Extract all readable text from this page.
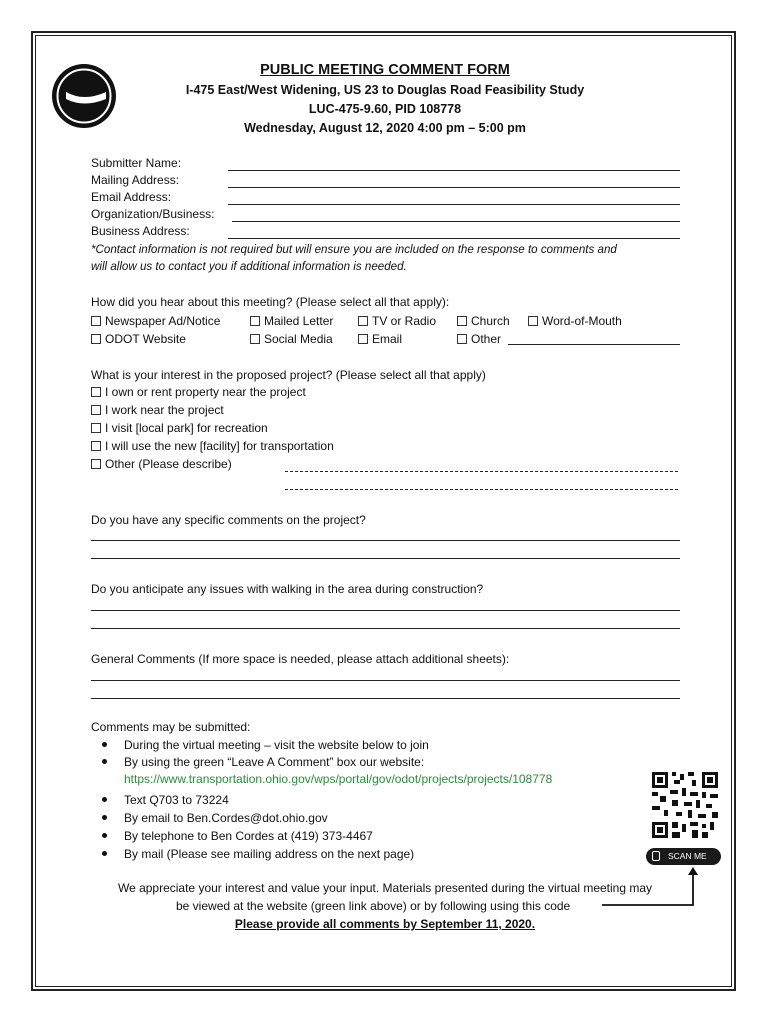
PUBLIC MEETING COMMENT FORM
I-475 East/West Widening, US 23 to Douglas Road Feasibility Study
LUC-475-9.60, PID 108778
Wednesday, August 12, 2020 4:00 pm – 5:00 pm
Submitter Name:
Mailing Address:
Email Address:
Organization/Business:
Business Address:
*Contact information is not required but will ensure you are included on the response to comments and
will allow us to contact you if additional information is needed.
How did you hear about this meeting? (Please select all that apply):
Newspaper Ad/Notice	Mailed Letter	TV or Radio	Church	Word-of-Mouth
ODOT Website	Social Media	Email	Other
What is your interest in the proposed project? (Please select all that apply)
I own or rent property near the project
I work near the project
I visit [local park] for recreation
I will use the new [facility] for transportation
Other (Please describe)
Do you have any specific comments on the project?
Do you anticipate any issues with walking in the area during construction?
General Comments (If more space is needed, please attach additional sheets):
Comments may be submitted:
During the virtual meeting – visit the website below to join
By using the green “Leave A Comment” box our website:
https://www.transportation.ohio.gov/wps/portal/gov/odot/projects/projects/108778
Text Q703 to 73224
By email to Ben.Cordes@dot.ohio.gov
By telephone to Ben Cordes at (419) 373-4467
By mail (Please see mailing address on the next page)	SCAN ME
We appreciate your interest and value your input. Materials presented during the virtual meeting may
be viewed at the website (green link above) or by following using this code
Please provide all comments by September 11, 2020.
